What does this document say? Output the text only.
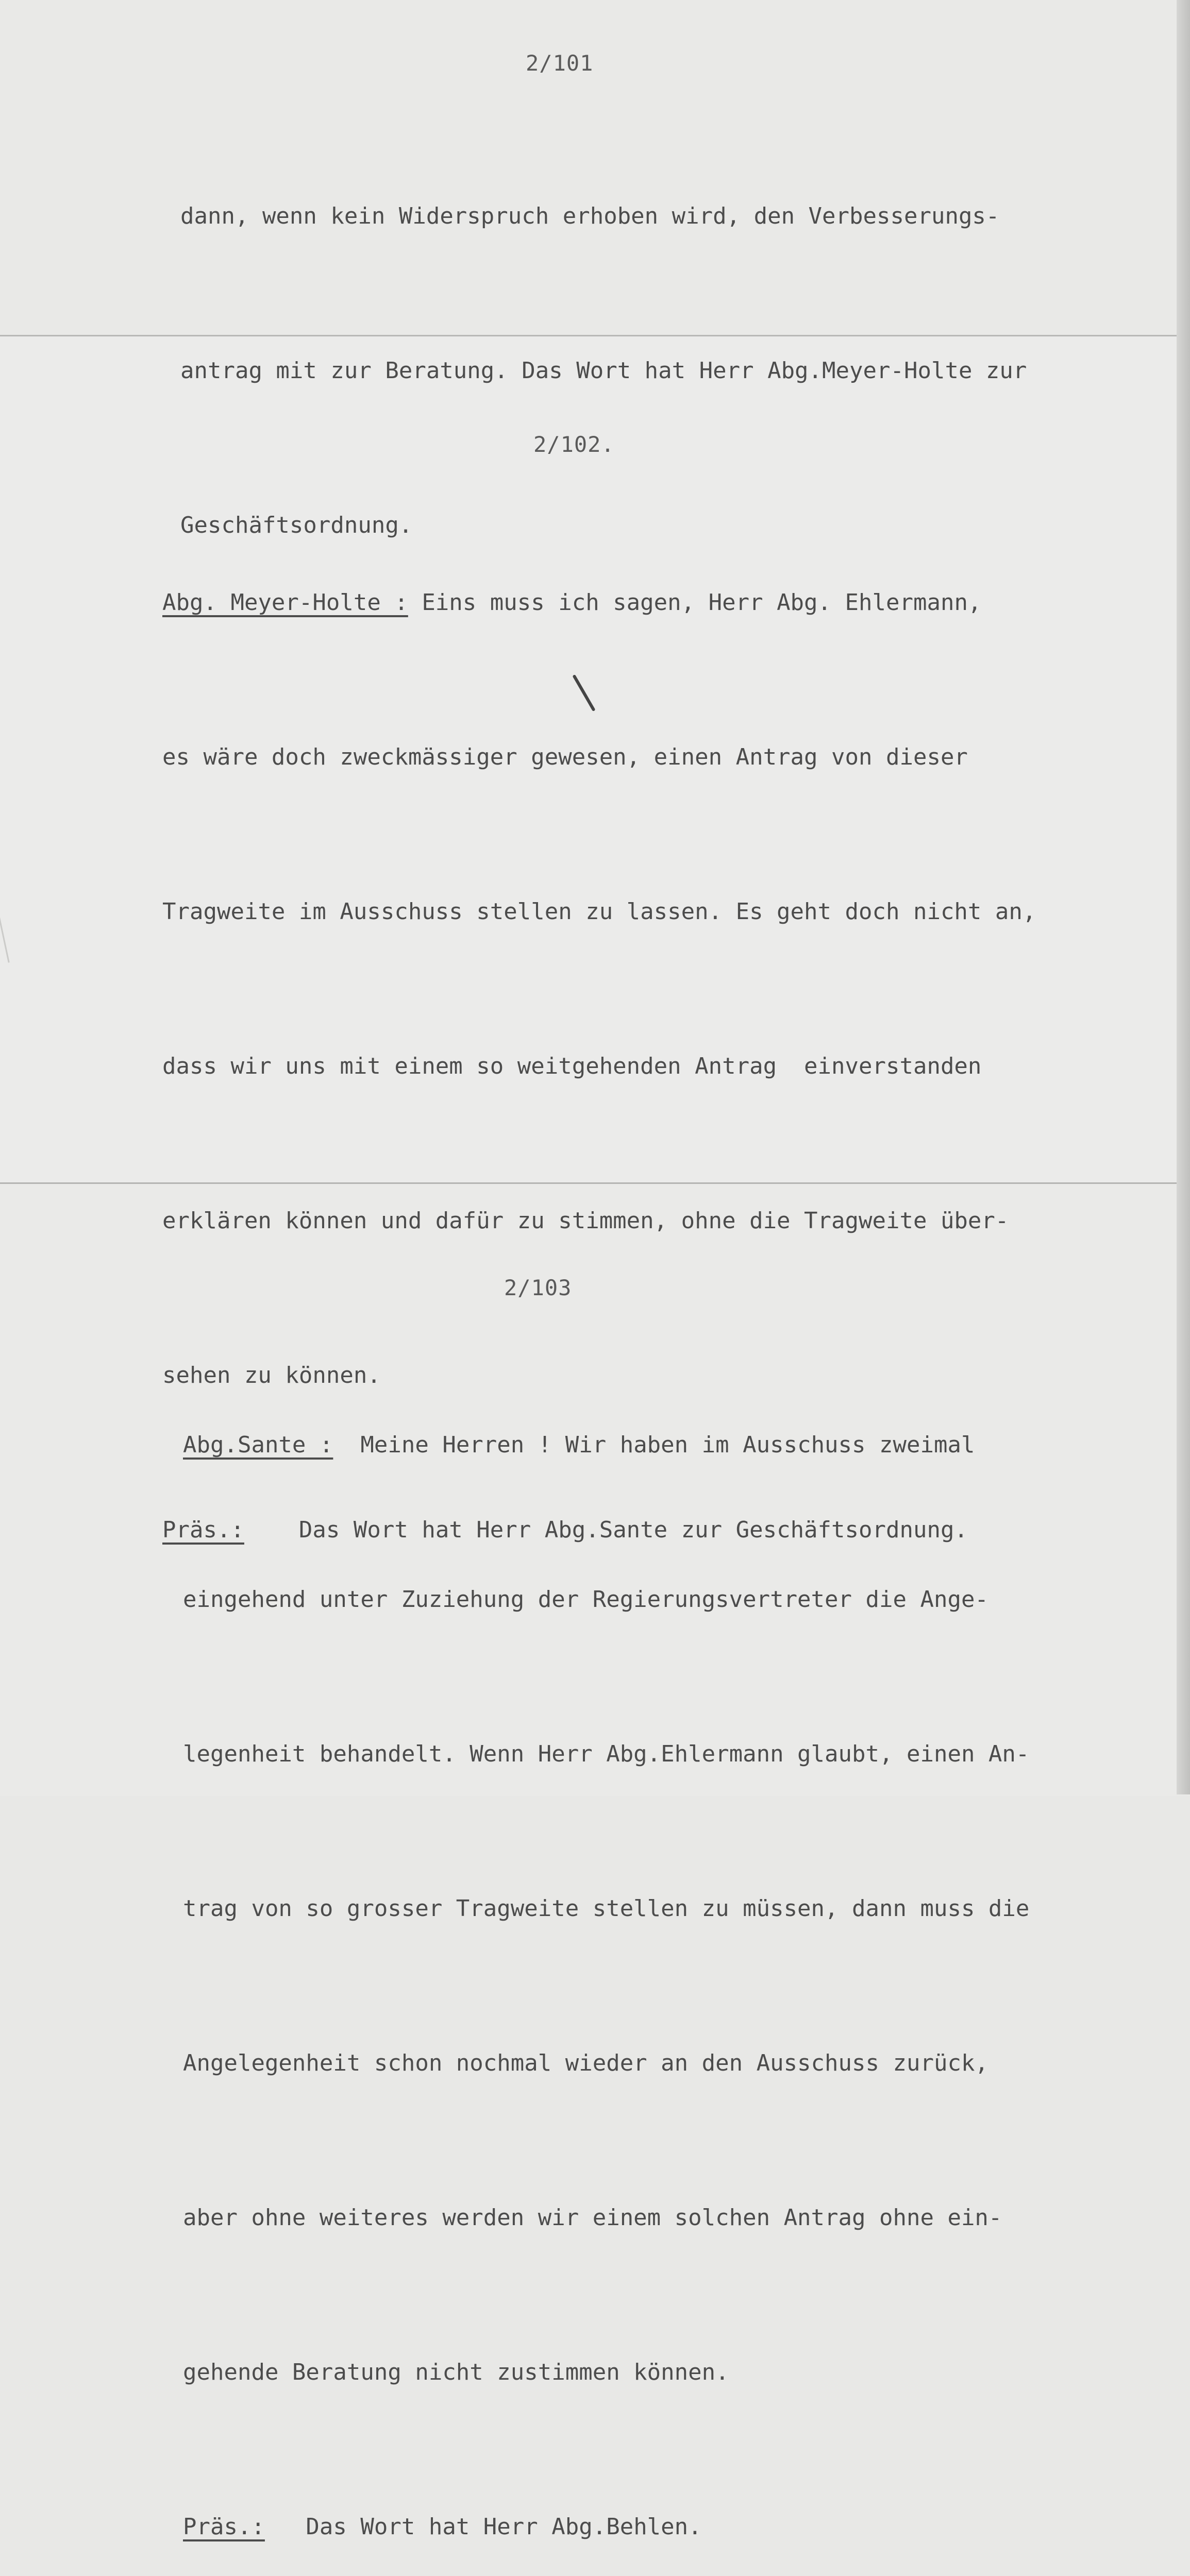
2/101

dann, wenn kein Widerspruch erhoben wird, den Verbesserungs-

antrag mit zur Beratung. Das Wort hat Herr Abg.Meyer-Holte zur

Geschäftsordnung.

2/102.

Abg. Meyer-Holte : Eins muss ich sagen, Herr Abg. Ehlermann,

es wäre doch zweckmässiger gewesen, einen Antrag von dieser

Tragweite im Ausschuss stellen zu lassen. Es geht doch nicht an,

dass wir uns mit einem so weitgehenden Antrag  einverstanden

erklären können und dafür zu stimmen, ohne die Tragweite über-

sehen zu können.

Präs.:    Das Wort hat Herr Abg.Sante zur Geschäftsordnung.

2/103

Abg.Sante :  Meine Herren ! Wir haben im Ausschuss zweimal

eingehend unter Zuziehung der Regierungsvertreter die Ange-

legenheit behandelt. Wenn Herr Abg.Ehlermann glaubt, einen An-

trag von so grosser Tragweite stellen zu müssen, dann muss die

Angelegenheit schon nochmal wieder an den Ausschuss zurück,

aber ohne weiteres werden wir einem solchen Antrag ohne ein-

gehende Beratung nicht zustimmen können.

Präs.:   Das Wort hat Herr Abg.Behlen.
